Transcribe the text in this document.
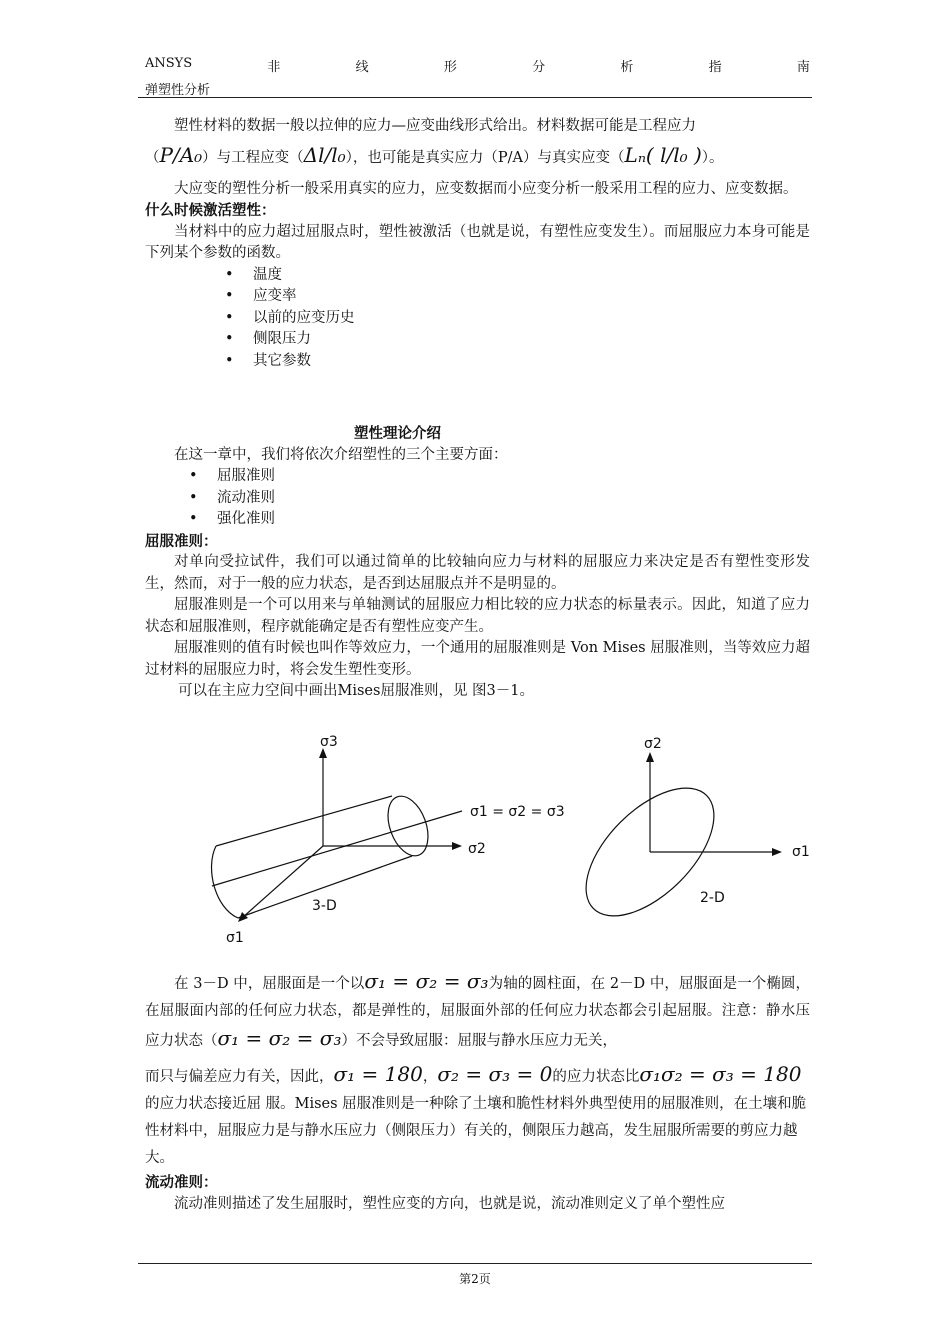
ANSYS	非	线	形	分	析	指	南
弹塑性分析

塑性材料的数据一般以拉伸的应力—应变曲线形式给出。材料数据可能是工程应力

（P/A₀）与工程应变（Δl/l₀），也可能是真实应力（P/A）与真实应变（Lₙ( l/l₀ )）。

大应变的塑性分析一般采用真实的应力，应变数据而小应变分析一般采用工程的应力、应变数据。

什么时候激活塑性：

当材料中的应力超过屈服点时，塑性被激活（也就是说，有塑性应变发生）。而屈服应力本身可能是下列某个参数的函数。

• 温度
• 应变率
• 以前的应变历史
• 侧限压力
• 其它参数

塑性理论介绍

在这一章中，我们将依次介绍塑性的三个主要方面：

• 屈服准则
• 流动准则
• 强化准则

屈服准则：

对单向受拉试件，我们可以通过简单的比较轴向应力与材料的屈服应力来决定是否有塑性变形发生，然而，对于一般的应力状态，是否到达屈服点并不是明显的。

屈服准则是一个可以用来与单轴测试的屈服应力相比较的应力状态的标量表示。因此，知道了应力状态和屈服准则，程序就能确定是否有塑性应变产生。

屈服准则的值有时候也叫作等效应力，一个通用的屈服准则是 Von Mises 屈服准则，当等效应力超过材料的屈服应力时，将会发生塑性变形。

可以在主应力空间中画出Mises屈服准则，见 图3－1。

σ3
σ2
σ1
σ1 = σ2 = σ3
3-D
σ2
σ1
2-D

在 3－D 中，屈服面是一个以σ₁ = σ₂ = σ₃为轴的圆柱面，在 2－D 中，屈服面是一个椭圆，在屈服面内部的任何应力状态，都是弹性的，屈服面外部的任何应力状态都会引起屈服。注意：静水压应力状态（σ₁ = σ₂ = σ₃）不会导致屈服：屈服与静水压应力无关，

而只与偏差应力有关，因此，σ₁ = 180，σ₂ = σ₃ = 0的应力状态比σ₁σ₂ = σ₃ = 180的应力状态接近屈 服。Mises 屈服准则是一种除了土壤和脆性材料外典型使用的屈服准则，在土壤和脆性材料中，屈服应力是与静水压应力（侧限压力）有关的，侧限压力越高，发生屈服所需要的剪应力越大。

流动准则：

流动准则描述了发生屈服时，塑性应变的方向，也就是说，流动准则定义了单个塑性应

第2页
